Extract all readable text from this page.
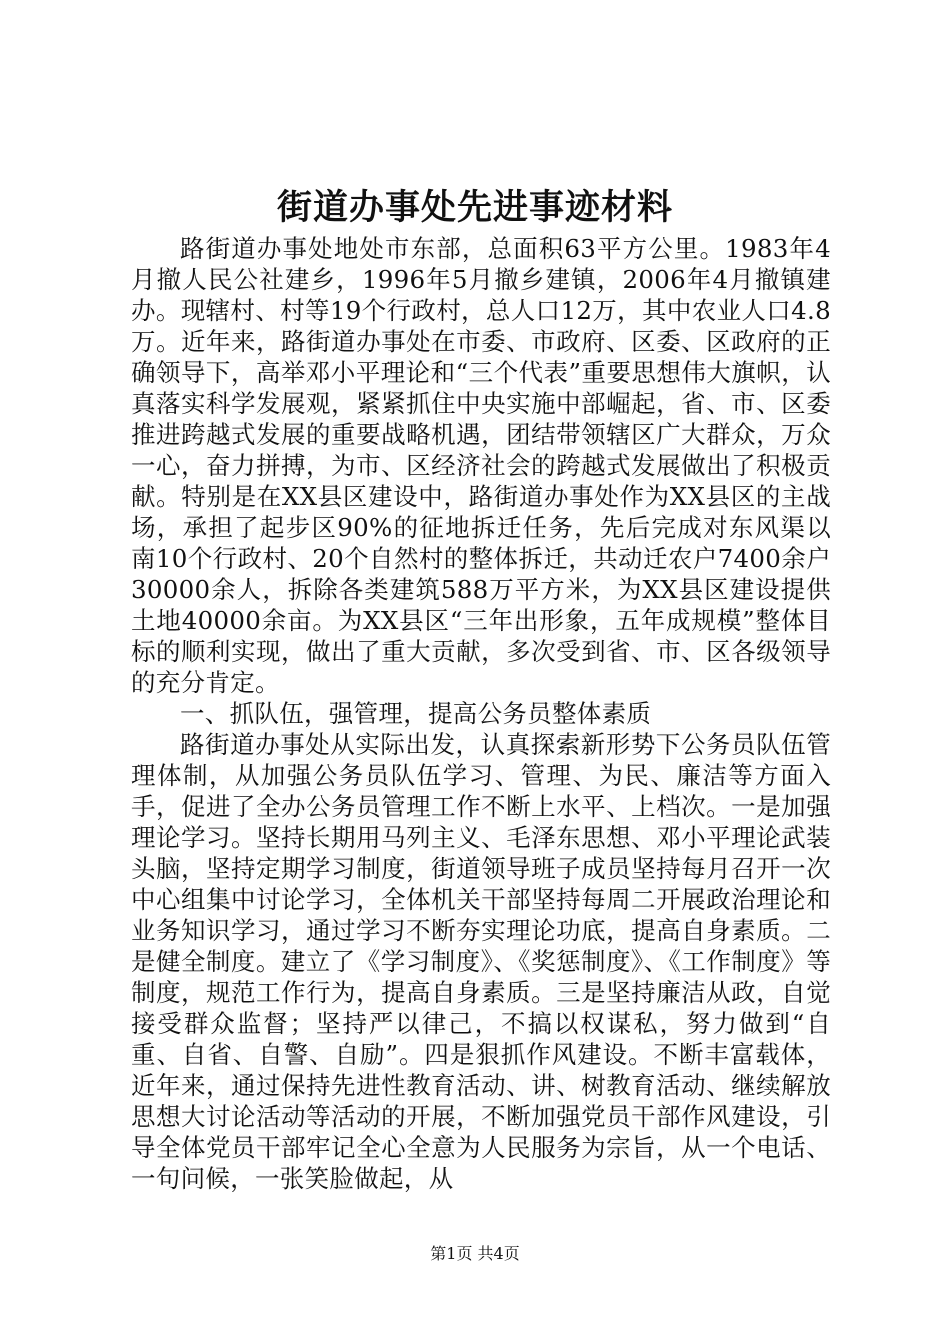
街道办事处先进事迹材料

路街道办事处地处市东部，总面积63平方公里。1983年4月撤人民公社建乡，1996年5月撤乡建镇，2006年4月撤镇建办。现辖村、村等19个行政村，总人口12万，其中农业人口4.8万。近年来，路街道办事处在市委、市政府、区委、区政府的正确领导下，高举邓小平理论和“三个代表”重要思想伟大旗帜，认真落实科学发展观，紧紧抓住中央实施中部崛起，省、市、区委推进跨越式发展的重要战略机遇，团结带领辖区广大群众，万众一心，奋力拼搏，为市、区经济社会的跨越式发展做出了积极贡献。特别是在XX县区建设中，路街道办事处作为XX县区的主战场，承担了起步区90%的征地拆迁任务，先后完成对东风渠以南10个行政村、20个自然村的整体拆迁，共动迁农户7400余户30000余人，拆除各类建筑588万平方米，为XX县区建设提供土地40000余亩。为XX县区“三年出形象，五年成规模”整体目标的顺利实现，做出了重大贡献，多次受到省、市、区各级领导的充分肯定。

一、抓队伍，强管理，提高公务员整体素质

路街道办事处从实际出发，认真探索新形势下公务员队伍管理体制，从加强公务员队伍学习、管理、为民、廉洁等方面入手，促进了全办公务员管理工作不断上水平、上档次。一是加强理论学习。坚持长期用马列主义、毛泽东思想、邓小平理论武装头脑，坚持定期学习制度，街道领导班子成员坚持每月召开一次中心组集中讨论学习，全体机关干部坚持每周二开展政治理论和业务知识学习，通过学习不断夯实理论功底，提高自身素质。二是健全制度。建立了《学习制度》、《奖惩制度》、《工作制度》等制度，规范工作行为，提高自身素质。三是坚持廉洁从政，自觉接受群众监督；坚持严以律己，不搞以权谋私，努力做到“自重、自省、自警、自励”。四是狠抓作风建设。不断丰富载体，近年来，通过保持先进性教育活动、讲、树教育活动、继续解放思想大讨论活动等活动的开展，不断加强党员干部作风建设，引导全体党员干部牢记全心全意为人民服务为宗旨，从一个电话、一句问候，一张笑脸做起，从

第1页 共4页
